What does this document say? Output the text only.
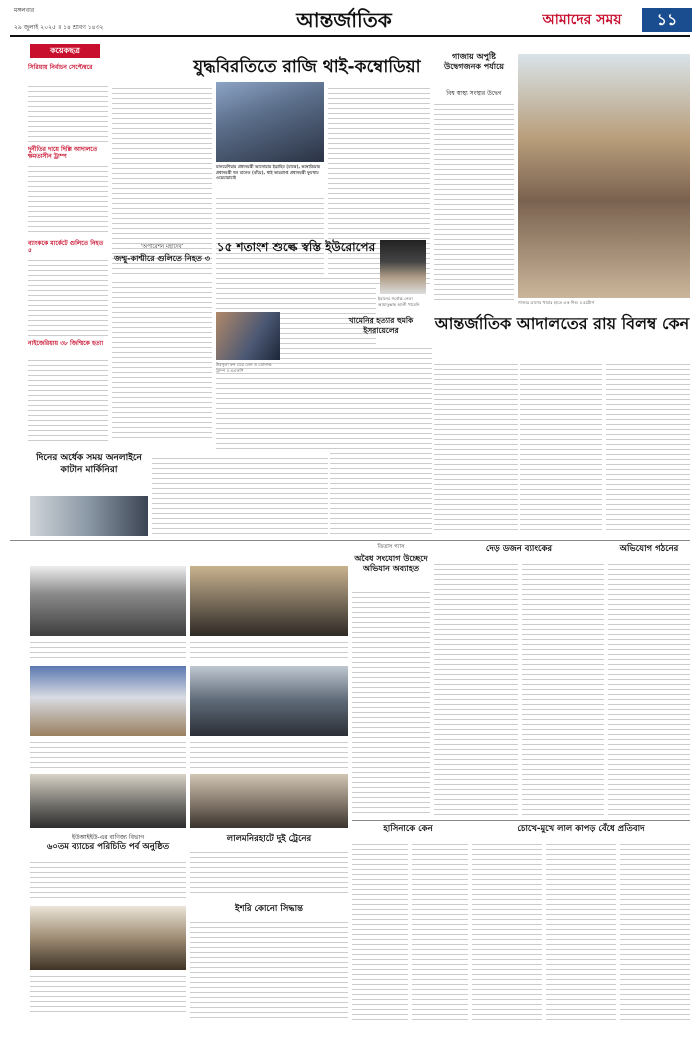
মঙ্গলবার
২৯ জুলাই ২০২৫ ॥ ১৪ শ্রাবণ ১৪৩২	আন্তর্জাতিক	আমাদের সময়	১১
কয়েকছত্র
সিরিয়ায় নির্বাচন সেপ্টেম্বরে
দুর্নীতির দায়ে দিল্লি আদালতে ক্ষমতাসীন ট্রাম্প
ব্যাংককে মার্কেটে গুলিতে নিহত ৫
নাইজেরিয়ায় ৩৮ জিম্মিকে হত্যা
যুদ্ধবিরতিতে রাজি থাই-কম্বোডিয়া
মালয়েশিয়ার প্রধানমন্ত্রী আনোয়ার ইব্রাহিম (মাঝে), কম্বোডিয়ার প্রধানমন্ত্রী হুন মানেত (বাঁয়ে), থাই ভারপ্রাপ্ত প্রধানমন্ত্রী ফুমথাম ওয়েচায়াচাই
‘অপারেশন মহাদেব’
জম্মু-কাশ্মীরে গুলিতে নিহত ৩
১৫ শতাংশ শুল্কে স্বস্তি ইউরোপের
উরসুলা ফন ডের লেন ও ডোনাল্ড ট্রাম্প ॥ এএফপি
ইরানের সর্বোচ্চ নেতা আয়াতুল্লাহ আলী খামেনি
খামেনির হত্যার হুমকি ইসরায়েলের
গাজায় অপুষ্টি উদ্বেগজনক পর্যায়ে
বিশ্ব স্বাস্থ্য সংস্থার উদ্বেগ
গাজার ত্রাণের খাবার হাতে এক শিশু ॥ রয়টার্স
আন্তর্জাতিক আদালতের রায় বিলম্ব কেন
দিনের অর্ধেক সময় অনলাইনে কাটান মার্কিনিরা
ইউআইইউ-এর বাণিজ্য বিভাগ
৬০তম ব্যাচের পরিচিতি পর্ব অনুষ্ঠিত
লালমনিরহাটে দুই ট্রেনের
ইশরি কোনো সিদ্ধান্ত
তিতাস গ্যাস
অবৈধ সংযোগ উচ্ছেদে অভিযান অব্যাহত
দেড় ডজন ব্যাংকের	অভিযোগ গঠনের
হাসিনাকে কেন	চোখে-মুখে লাল কাপড় বেঁধে প্রতিবাদ
